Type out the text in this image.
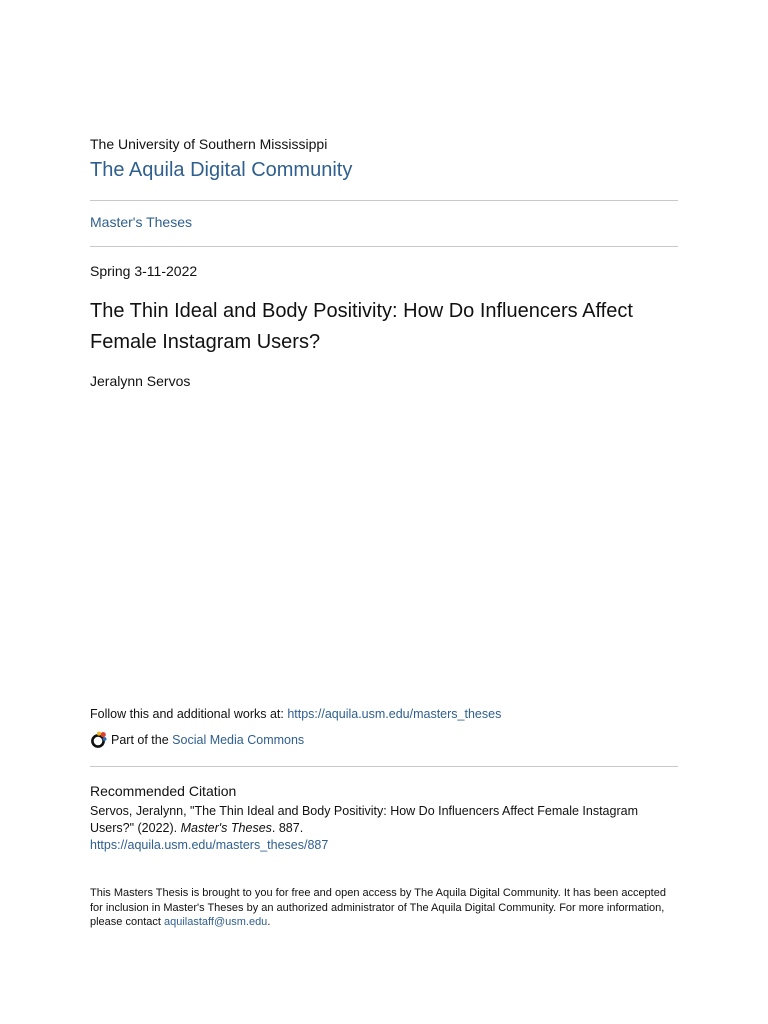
The University of Southern Mississippi
The Aquila Digital Community
Master's Theses
Spring 3-11-2022
The Thin Ideal and Body Positivity: How Do Influencers Affect Female Instagram Users?
Jeralynn Servos
Follow this and additional works at: https://aquila.usm.edu/masters_theses
Part of the
Social Media Commons
Recommended Citation
Servos, Jeralynn, "The Thin Ideal and Body Positivity: How Do Influencers Affect Female Instagram Users?" (2022). Master's Theses. 887.
https://aquila.usm.edu/masters_theses/887
This Masters Thesis is brought to you for free and open access by The Aquila Digital Community. It has been accepted for inclusion in Master's Theses by an authorized administrator of The Aquila Digital Community. For more information, please contact aquilastaff@usm.edu.
